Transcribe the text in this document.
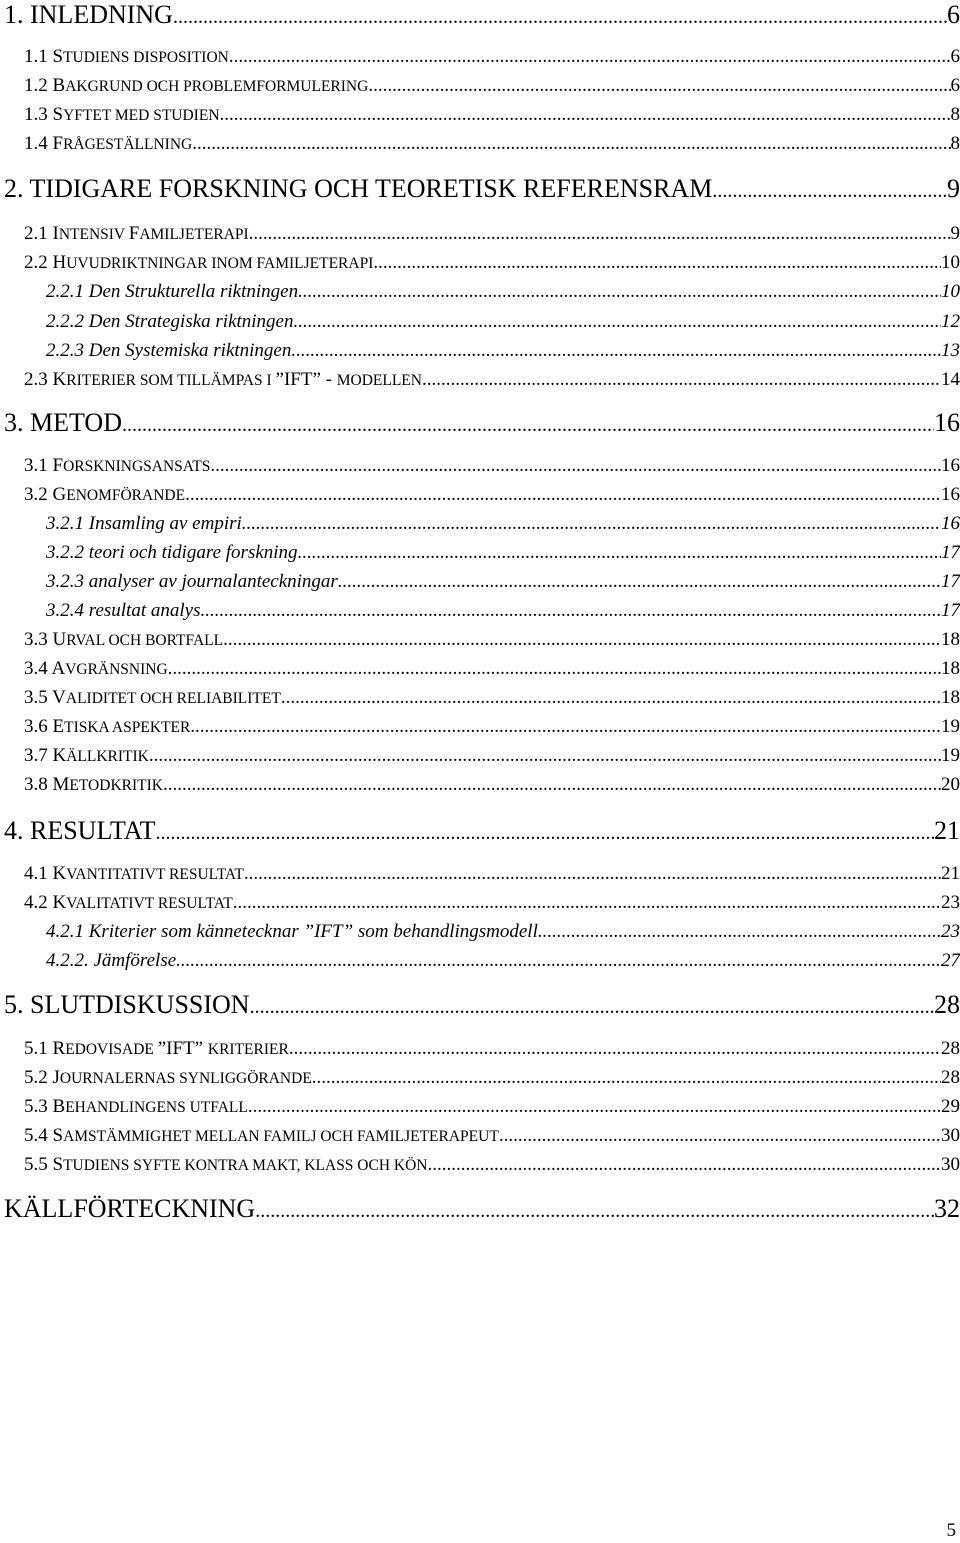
1. INLEDNING .....	6
1.1 STUDIENS DISPOSITION .....	6
1.2 BAKGRUND OCH PROBLEMFORMULERING .....	6
1.3 SYFTET MED STUDIEN .....	8
1.4 FRÅGESTÄLLNING .....	8
2. TIDIGARE FORSKNING OCH TEORETISK REFERENSRAM .....	9
2.1 INTENSIV FAMILJETERAPI .....	9
2.2 HUVUDRIKTNINGAR INOM FAMILJETERAPI .....	10
2.2.1 Den Strukturella riktningen .....	10
2.2.2 Den Strategiska riktningen .....	12
2.2.3 Den Systemiska riktningen .....	13
2.3 KRITERIER SOM TILLÄMPAS I ”IFT” - MODELLEN .....	14
3. METOD .....	16
3.1 FORSKNINGSANSATS .....	16
3.2 GENOMFÖRANDE .....	16
3.2.1 Insamling av empiri .....	16
3.2.2 teori och tidigare forskning .....	17
3.2.3 analyser av journalanteckningar .....	17
3.2.4 resultat analys .....	17
3.3 URVAL OCH BORTFALL .....	18
3.4 AVGRÄNSNING .....	18
3.5 VALIDITET OCH RELIABILITET .....	18
3.6 ETISKA ASPEKTER .....	19
3.7 KÄLLKRITIK .....	19
3.8 METODKRITIK .....	20
4. RESULTAT .....	21
4.1 KVANTITATIVT RESULTAT .....	21
4.2 KVALITATIVT RESULTAT .....	23
4.2.1 Kriterier som kännetecknar ”IFT” som behandlingsmodell. .....	23
4.2.2. Jämförelse .....	27
5. SLUTDISKUSSION .....	28
5.1 REDOVISADE ”IFT” KRITERIER .....	28
5.2 JOURNALERNAS SYNLIGGÖRANDE .....	28
5.3 BEHANDLINGENS UTFALL .....	29
5.4 SAMSTÄMMIGHET MELLAN FAMILJ OCH FAMILJETERAPEUT .....	30
5.5 STUDIENS SYFTE KONTRA MAKT, KLASS OCH KÖN .....	30
KÄLLFÖRTECKNING .....	32
5
